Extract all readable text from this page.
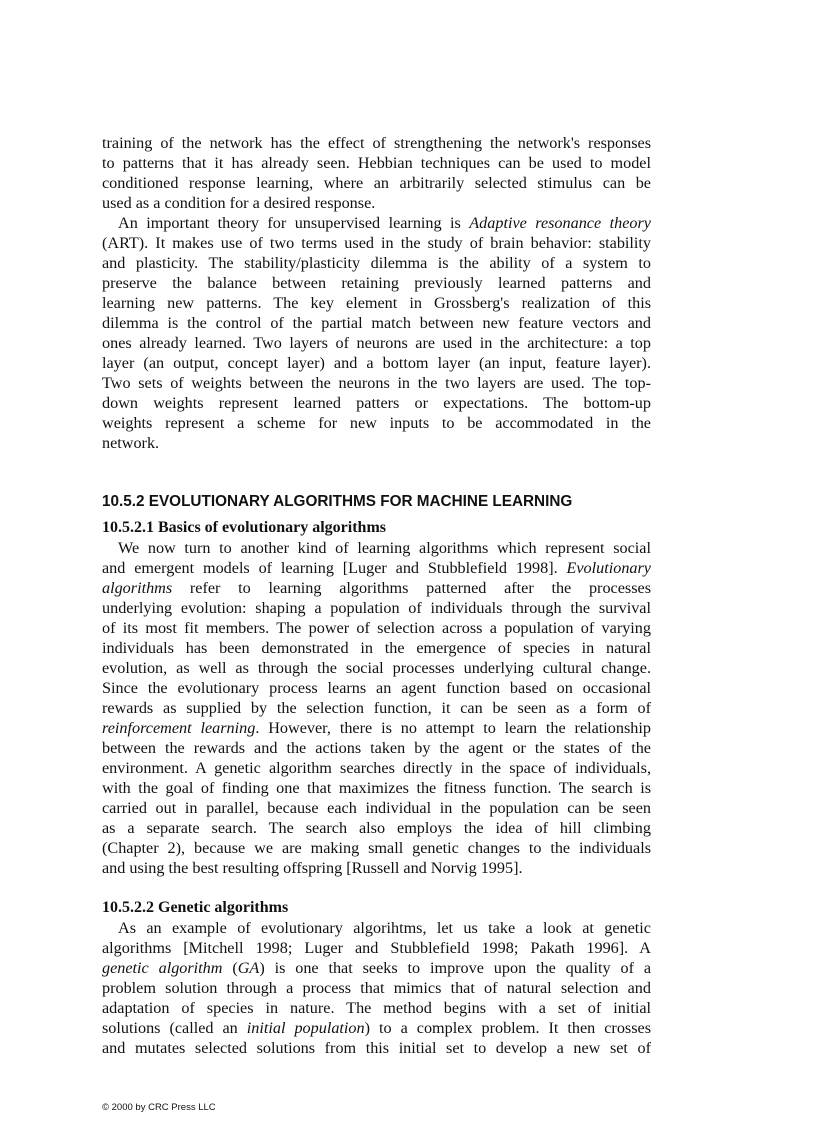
training of the network has the effect of strengthening the network's responses
to patterns that it has already seen. Hebbian techniques can be used to model
conditioned response learning, where an arbitrarily selected stimulus can be
used as a condition for a desired response.
An important theory for unsupervised learning is Adaptive resonance theory
(ART). It makes use of two terms used in the study of brain behavior: stability
and plasticity. The stability/plasticity dilemma is the ability of a system to
preserve the balance between retaining previously learned patterns and
learning new patterns. The key element in Grossberg's realization of this
dilemma is the control of the partial match between new feature vectors and
ones already learned. Two layers of neurons are used in the architecture: a top
layer (an output, concept layer) and a bottom layer (an input, feature layer).
Two sets of weights between the neurons in the two layers are used. The top-
down weights represent learned patters or expectations. The bottom-up
weights represent a scheme for new inputs to be accommodated in the
network.
10.5.2 EVOLUTIONARY ALGORITHMS FOR MACHINE LEARNING
10.5.2.1 Basics of evolutionary algorithms
We now turn to another kind of learning algorithms which represent social
and emergent models of learning [Luger and Stubblefield 1998]. Evolutionary
algorithms refer to learning algorithms patterned after the processes
underlying evolution: shaping a population of individuals through the survival
of its most fit members. The power of selection across a population of varying
individuals has been demonstrated in the emergence of species in natural
evolution, as well as through the social processes underlying cultural change.
Since the evolutionary process learns an agent function based on occasional
rewards as supplied by the selection function, it can be seen as a form of
reinforcement learning. However, there is no attempt to learn the relationship
between the rewards and the actions taken by the agent or the states of the
environment. A genetic algorithm searches directly in the space of individuals,
with the goal of finding one that maximizes the fitness function. The search is
carried out in parallel, because each individual in the population can be seen
as a separate search. The search also employs the idea of hill climbing
(Chapter 2), because we are making small genetic changes to the individuals
and using the best resulting offspring [Russell and Norvig 1995].
10.5.2.2 Genetic algorithms
As an example of evolutionary algorihtms, let us take a look at genetic
algorithms [Mitchell 1998; Luger and Stubblefield 1998; Pakath 1996]. A
genetic algorithm (GA) is one that seeks to improve upon the quality of a
problem solution through a process that mimics that of natural selection and
adaptation of species in nature. The method begins with a set of initial
solutions (called an initial population) to a complex problem. It then crosses
and mutates selected solutions from this initial set to develop a new set of
© 2000 by CRC Press LLC
